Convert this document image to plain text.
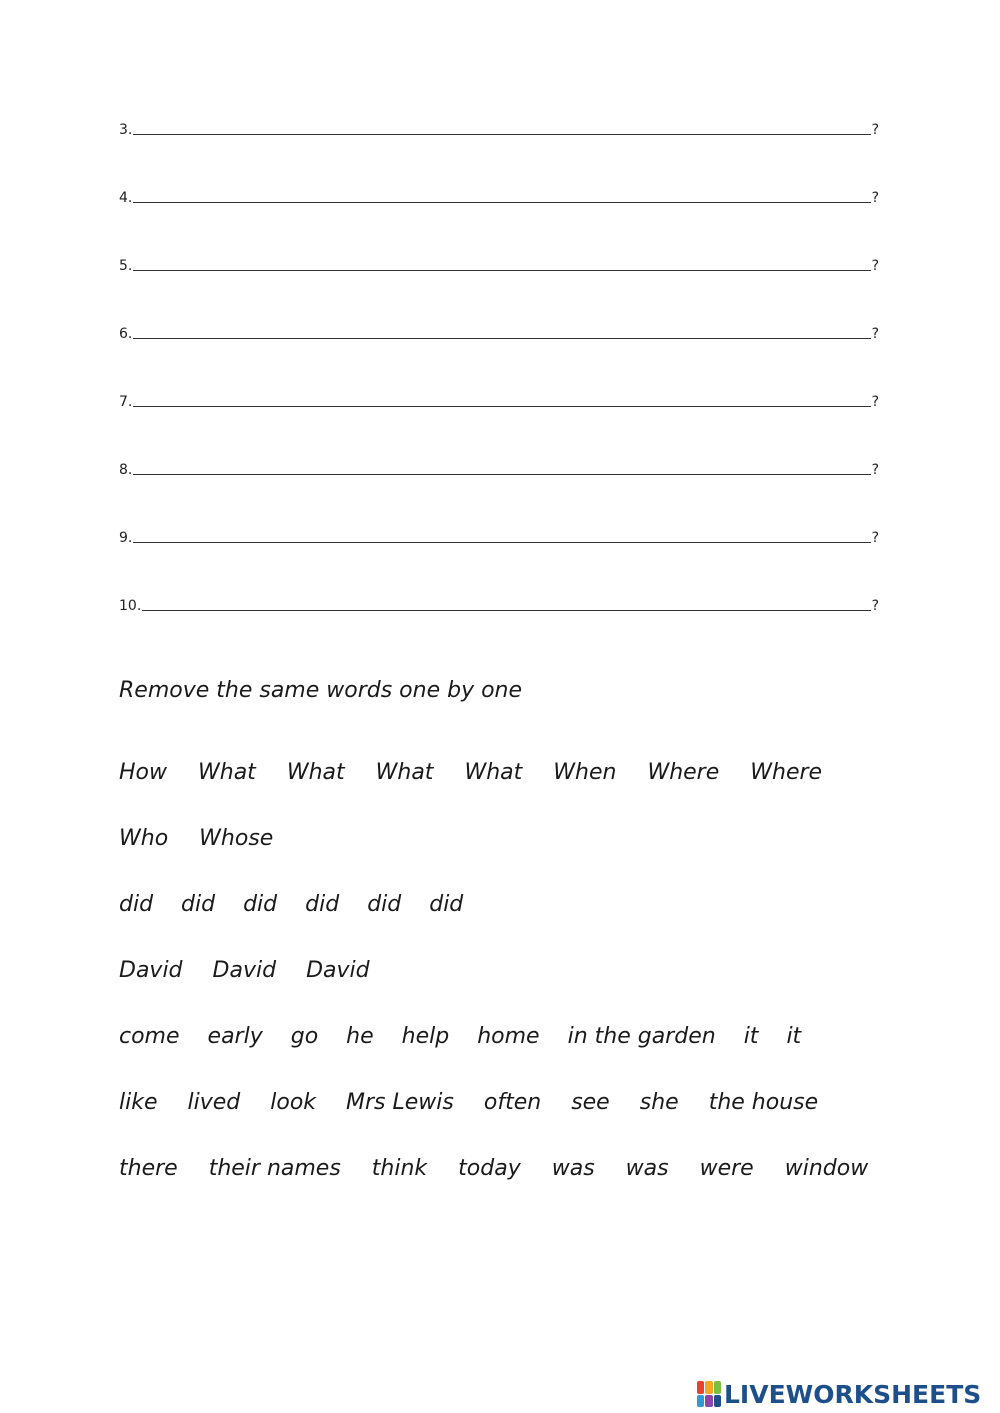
3.	?
4.	?
5.	?
6.	?
7.	?
8.	?
9.	?
10.	?
Remove the same words one by one
How What What What What When Where Where
Who Whose
did did did did did did
David David David
come early go he help home in the garden it it
like lived look Mrs Lewis often see she the house
there their names think today was was were window
LIVEWORKSHEETS
